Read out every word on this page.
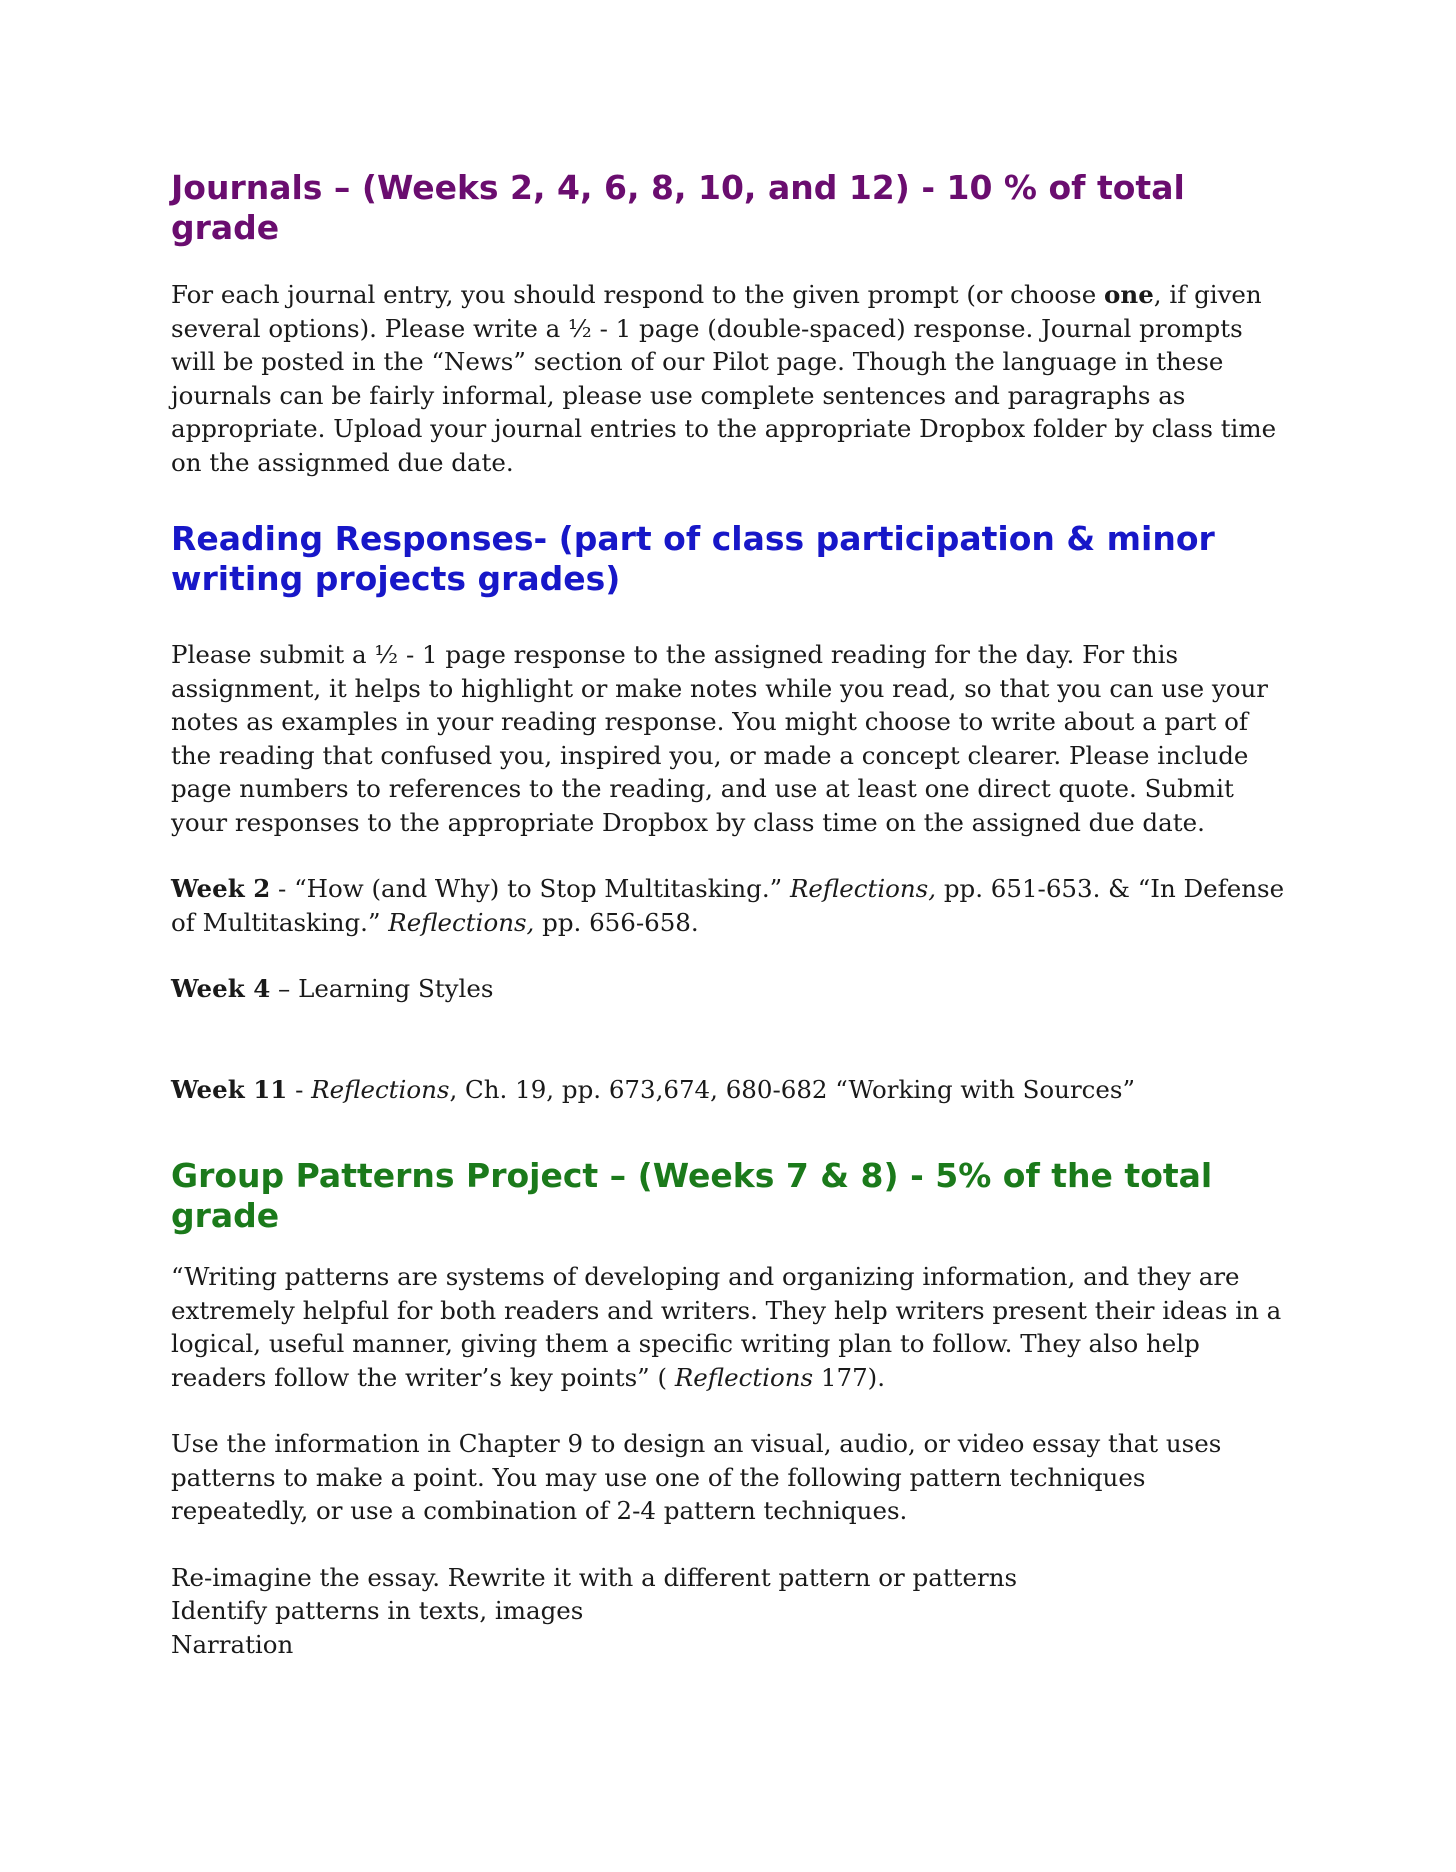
Journals – (Weeks 2, 4, 6, 8, 10, and 12) - 10 % of total
grade

For each journal entry, you should respond to the given prompt (or choose one, if given several options). Please write a ½ - 1 page (double-spaced) response. Journal prompts will be posted in the “News” section of our Pilot page. Though the language in these journals can be fairly informal, please use complete sentences and paragraphs as appropriate. Upload your journal entries to the appropriate Dropbox folder by class time on the assignmed due date.

Reading Responses- (part of class participation & minor
writing projects grades)

Please submit a ½ - 1 page response to the assigned reading for the day. For this assignment, it helps to highlight or make notes while you read, so that you can use your notes as examples in your reading response. You might choose to write about a part of the reading that confused you, inspired you, or made a concept clearer. Please include page numbers to references to the reading, and use at least one direct quote. Submit your responses to the appropriate Dropbox by class time on the assigned due date.

Week 2 - “How (and Why) to Stop Multitasking.” Reflections, pp. 651-653. & “In Defense of Multitasking.” Reflections, pp. 656-658.

Week 4 – Learning Styles

Week 11 - Reflections, Ch. 19, pp. 673,674, 680-682 “Working with Sources”

Group Patterns Project – (Weeks 7 & 8) - 5% of the total
grade

“Writing patterns are systems of developing and organizing information, and they are extremely helpful for both readers and writers. They help writers present their ideas in a logical, useful manner, giving them a specific writing plan to follow. They also help readers follow the writer’s key points” ( Reflections 177).

Use the information in Chapter 9 to design an visual, audio, or video essay that uses patterns to make a point. You may use one of the following pattern techniques repeatedly, or use a combination of 2-4 pattern techniques.

Re-imagine the essay. Rewrite it with a different pattern or patterns
Identify patterns in texts, images
Narration
